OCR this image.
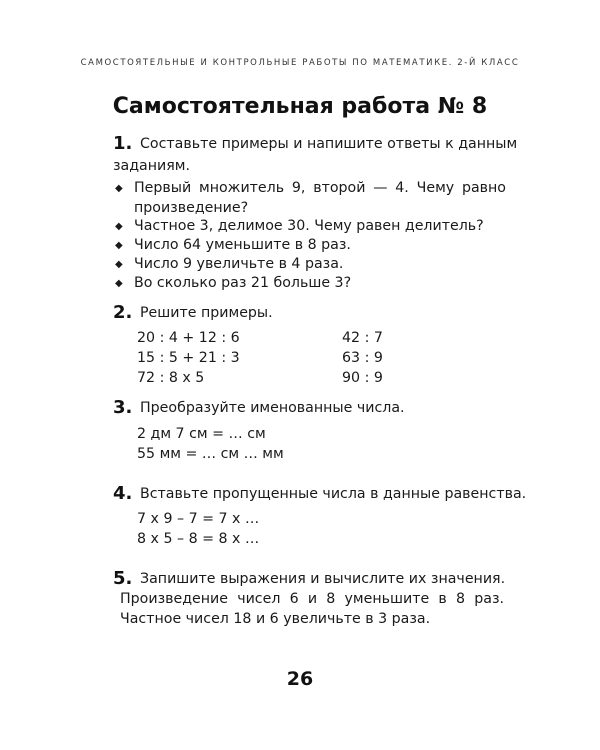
САМОСТОЯТЕЛЬНЫЕ И КОНТРОЛЬНЫЕ РАБОТЫ ПО МАТЕМАТИКЕ. 2-Й КЛАСС
Самостоятельная работа № 8
1. Составьте примеры и напишите ответы к данным
заданиям.
◆ Первый множитель 9, второй — 4. Чему равно
произведение?
◆ Частное 3, делимое 30. Чему равен делитель?
◆ Число 64 уменьшите в 8 раз.
◆ Число 9 увеличьте в 4 раза.
◆ Во сколько раз 21 больше 3?
2. Решите примеры.
20 : 4 + 12 : 6
15 : 5 + 21 : 3
72 : 8 x 5
42 : 7
63 : 9
90 : 9
3. Преобразуйте именованные числа.
2 дм 7 см = … см
55 мм = … см … мм
4. Вставьте пропущенные числа в данные равенства.
7 x 9 – 7 = 7 x …
8 x 5 – 8 = 8 x …
5. Запишите выражения и вычислите их значения.
Произведение чисел 6 и 8 уменьшите в 8 раз.
Частное чисел 18 и 6 увеличьте в 3 раза.
26
